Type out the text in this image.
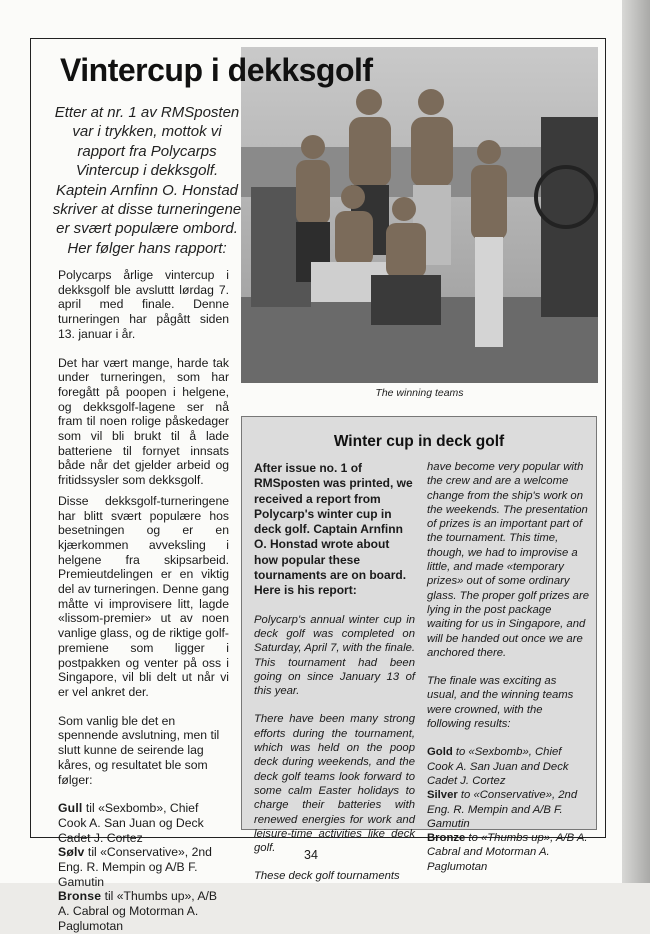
Vintercup i dekksgolf
Etter at nr. 1 av RMSposten var i trykken, mottok vi rapport fra Polycarps Vintercup i dekksgolf. Kaptein Arnfinn O. Honstad skriver at disse turneringene er svært populære ombord. Her følger hans rapport:
The winning teams

Polycarps årlige vintercup i dekksgolf ble avsluttt lørdag 7. april med finale. Denne turneringen har pågått siden 13. januar i år.

Det har vært mange, harde tak under turneringen, som har foregått på poopen i helgene, og dekksgolf-lagene ser nå fram til noen rolige påskedager som vil bli brukt til å lade batteriene til fornyet innsats både når det gjelder arbeid og fritidssysler som dekksgolf.

Disse dekksgolf-turneringene har blitt svært populære hos besetningen og er en kjærkommen avveksling i helgene fra skipsarbeid. Premieutdelingen er en viktig del av turneringen. Denne gang måtte vi improvisere litt, lagde «lissom-premier» ut av noen vanlige glass, og de riktige golf-premiene som ligger i postpakken og venter på oss i Singapore, vil bli delt ut når vi er vel ankret der.

Som vanlig ble det en spennende avslutning, men til slutt kunne de seirende lag kåres, og resultatet ble som følger:

Gull til «Sexbomb», Chief Cook A. San Juan og Deck Cadet J. Cortez

Sølv til «Conservative», 2nd Eng. R. Mempin og A/B F. Gamutin

Bronse til «Thumbs up», A/B A. Cabral og Motorman A. Paglumotan

Winter cup in deck golf

After issue no. 1 of RMSposten was printed, we received a report from Polycarp's winter cup in deck golf. Captain Arnfinn O. Honstad wrote about how popular these tournaments are on board. Here is his report:

Polycarp's annual winter cup in deck golf was completed on Saturday, April 7, with the finale. This tournament had been going on since January 13 of this year.

There have been many strong efforts during the tournament, which was held on the poop deck during weekends, and the deck golf teams look forward to some calm Easter holidays to charge their batteries with renewed energies for work and leisure-time activities like deck golf.

These deck golf tournaments

have become very popular with the crew and are a welcome change from the ship's work on the weekends. The presentation of prizes is an important part of the tournament. This time, though, we had to improvise a little, and made «temporary prizes» out of some ordinary glass. The proper golf prizes are lying in the post package waiting for us in Singapore, and will be handed out once we are anchored there.

The finale was exciting as usual, and the winning teams were crowned, with the following results:

Gold to «Sexbomb», Chief Cook A. San Juan and Deck Cadet J. Cortez

Silver to «Conservative», 2nd Eng. R. Mempin and A/B F. Gamutin

Bronze to «Thumbs up», A/B A. Cabral and Motorman A. Paglumotan

34
